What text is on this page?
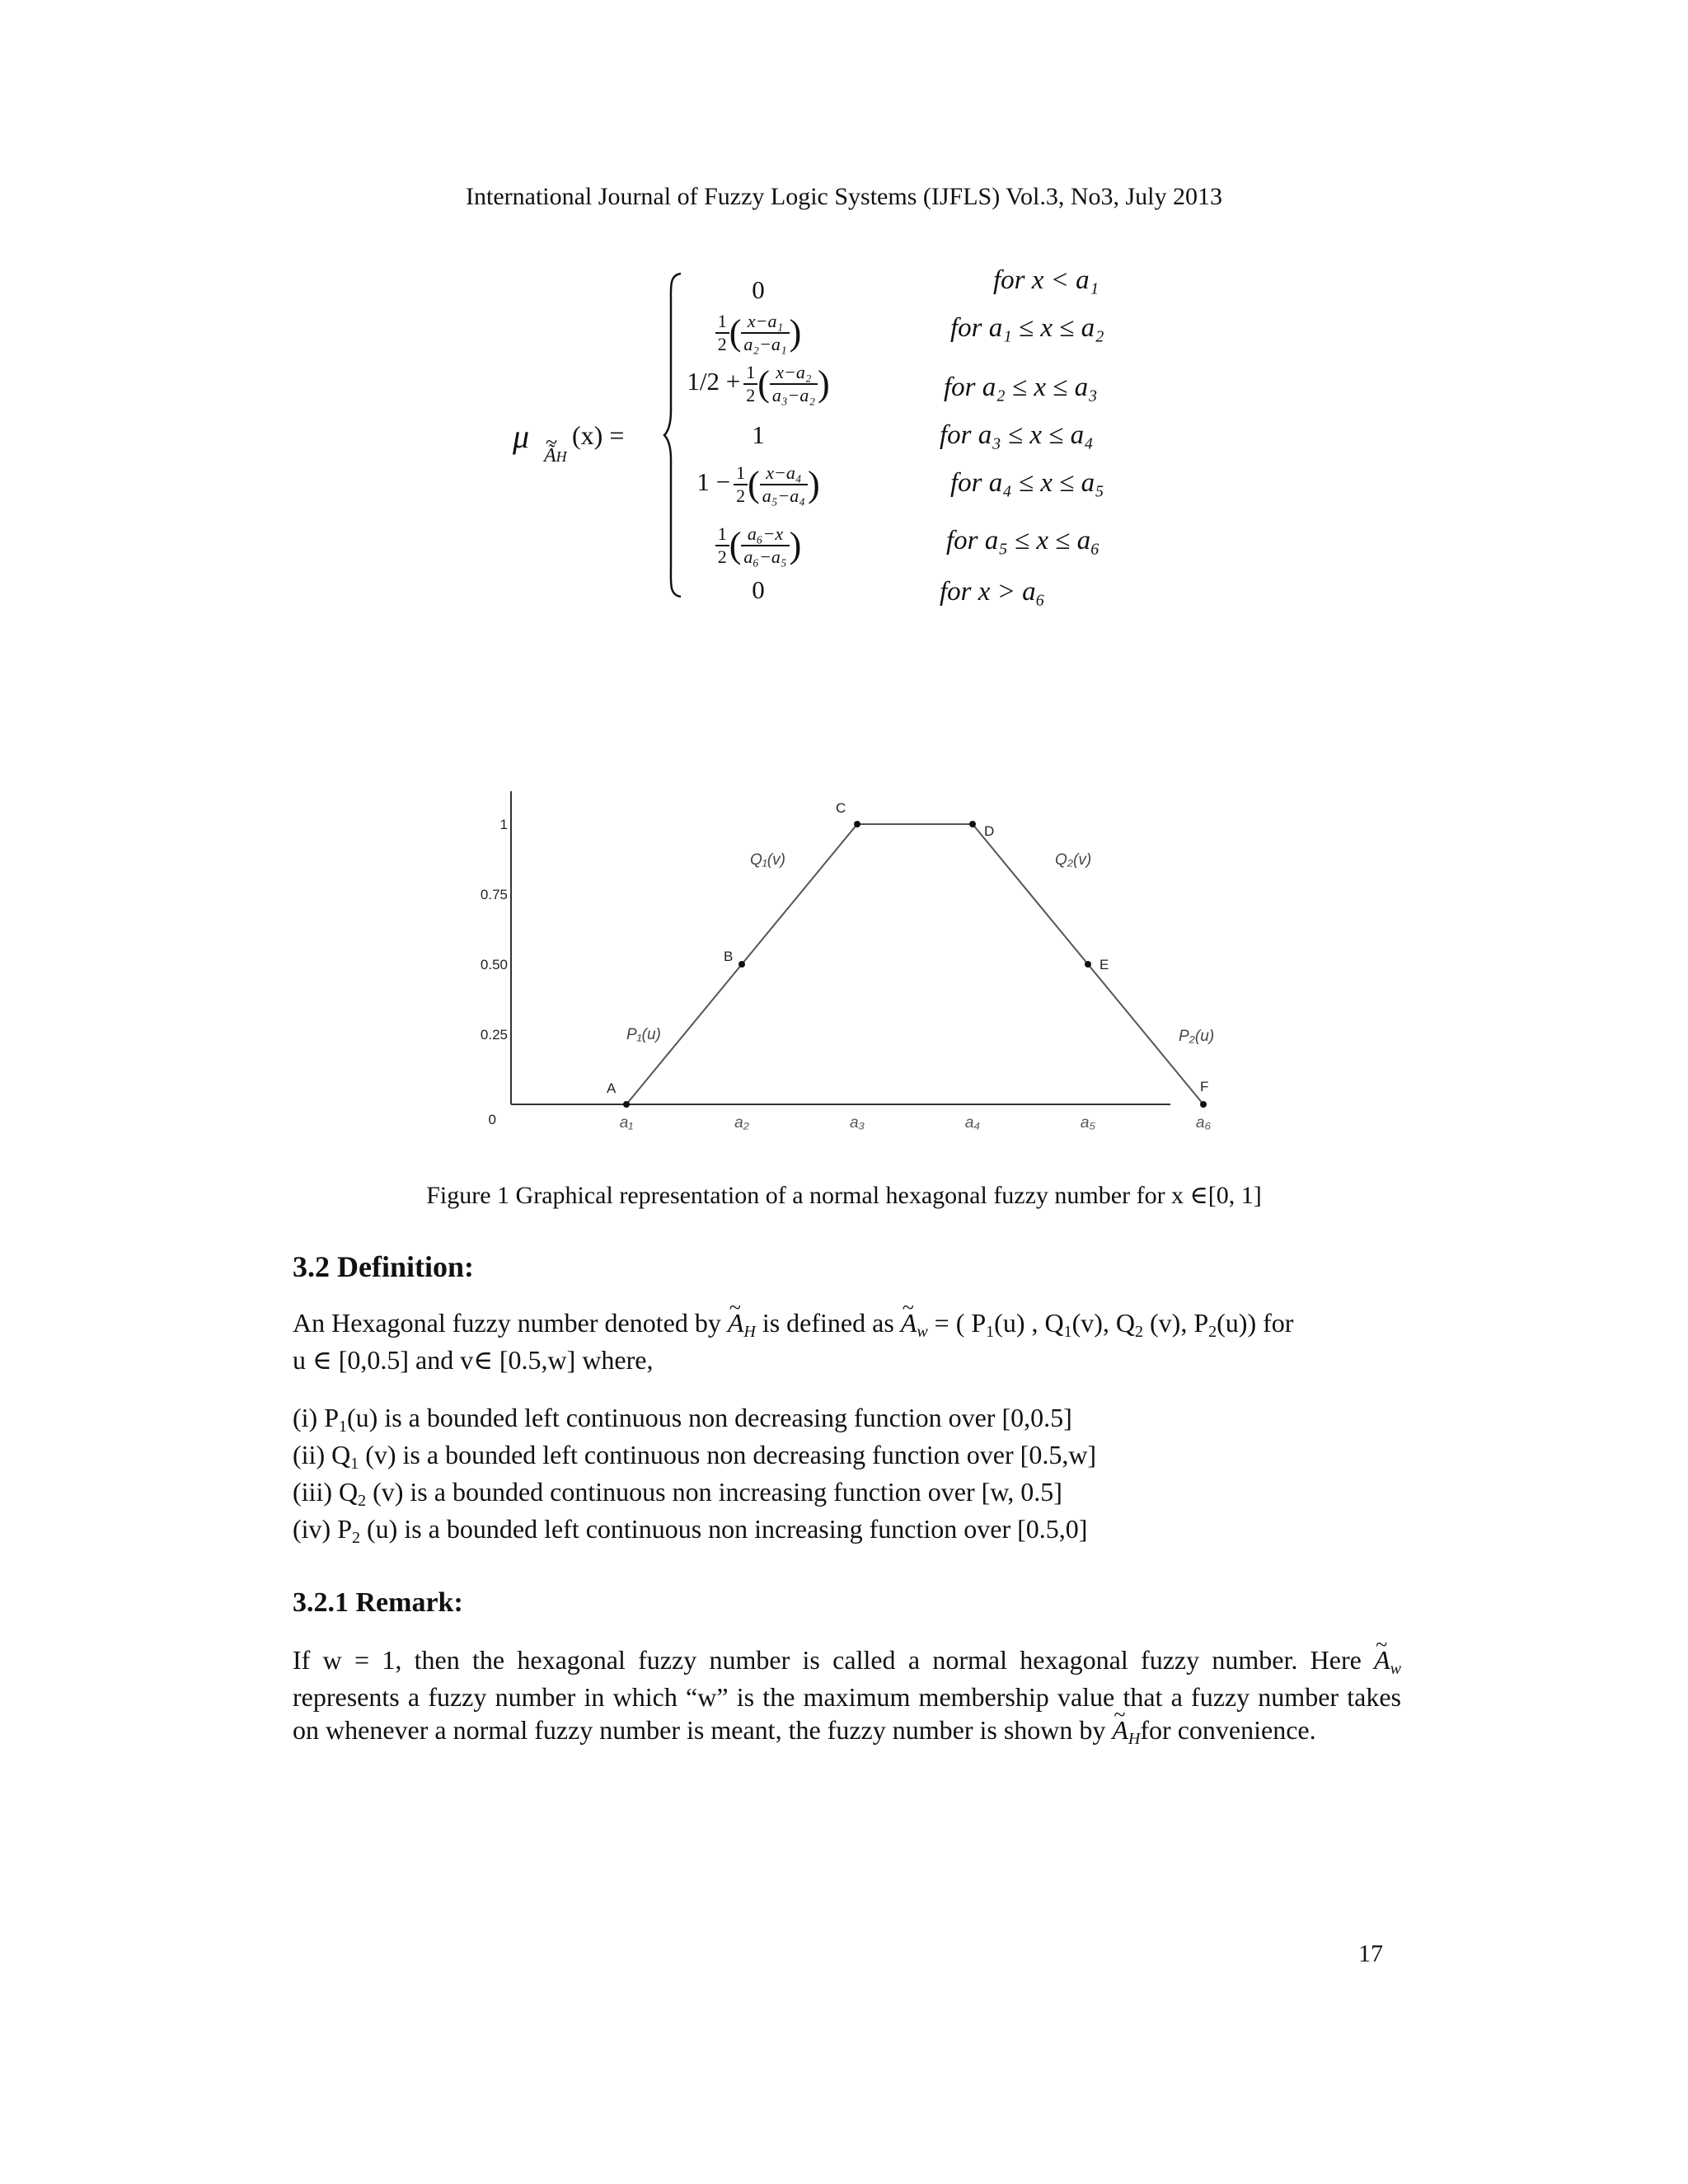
International Journal of Fuzzy Logic Systems (IJFLS) Vol.3, No3, July 2013
μ
~ ÃH
(x) =
0	for x < a₁
$\frac{1}{2}$ ( $\frac{\text{x−a₁}}{\text{a₂−a₁}}$ )	for a₁ ≤ x ≤ a₂
$1/2 + \frac{1}{2}$ ( $\frac{\text{x−a₂}}{\text{a₃−a₂}}$ )	for a₂ ≤ x ≤ a₃
1	for a₃ ≤ x ≤ a₄
$1 - \frac{1}{2}$ ( $\frac{\text{x−a₄}}{\text{a₅−a₄}}$ )	for a₄ ≤ x ≤ a₅
$\frac{1}{2}$ ( $\frac{\text{a₆−x}}{\text{a₆−a₅}}$ )	for a₅ ≤ x ≤ a₆
0	for x > a₆
0
0.25
0.50
0.75
1
a₁	a₂	a₃	a₄	a₅	a₆
A
B
C
D
E
F
P₁(u)
Q₁(v)	Q₂(v)
P₂(u)
Figure 1 Graphical representation of a normal hexagonal fuzzy number for x ∈[0, 1]
3.2 Definition:
An Hexagonal fuzzy number denoted by ~ AH is defined as ~ Aw = ( P1(u) , Q1(v), Q2 (v), P2(u)) for
u ∈ [0,0.5] and v∈ [0.5,w] where,
(i) P1(u) is a bounded left continuous non decreasing function over [0,0.5]
(ii) Q1 (v) is a bounded left continuous non decreasing function over [0.5,w]
(iii) Q2 (v) is a bounded continuous non increasing function over [w, 0.5]
(iv) P2 (u) is a bounded left continuous non increasing function over [0.5,0]
3.2.1 Remark:
If w = 1, then the hexagonal fuzzy number is called a normal hexagonal fuzzy number. Here ~ Aw represents a fuzzy number in which “w” is the maximum membership value that a fuzzy number takes on whenever a normal fuzzy number is meant, the fuzzy number is shown by ~ AHfor convenience.
17
